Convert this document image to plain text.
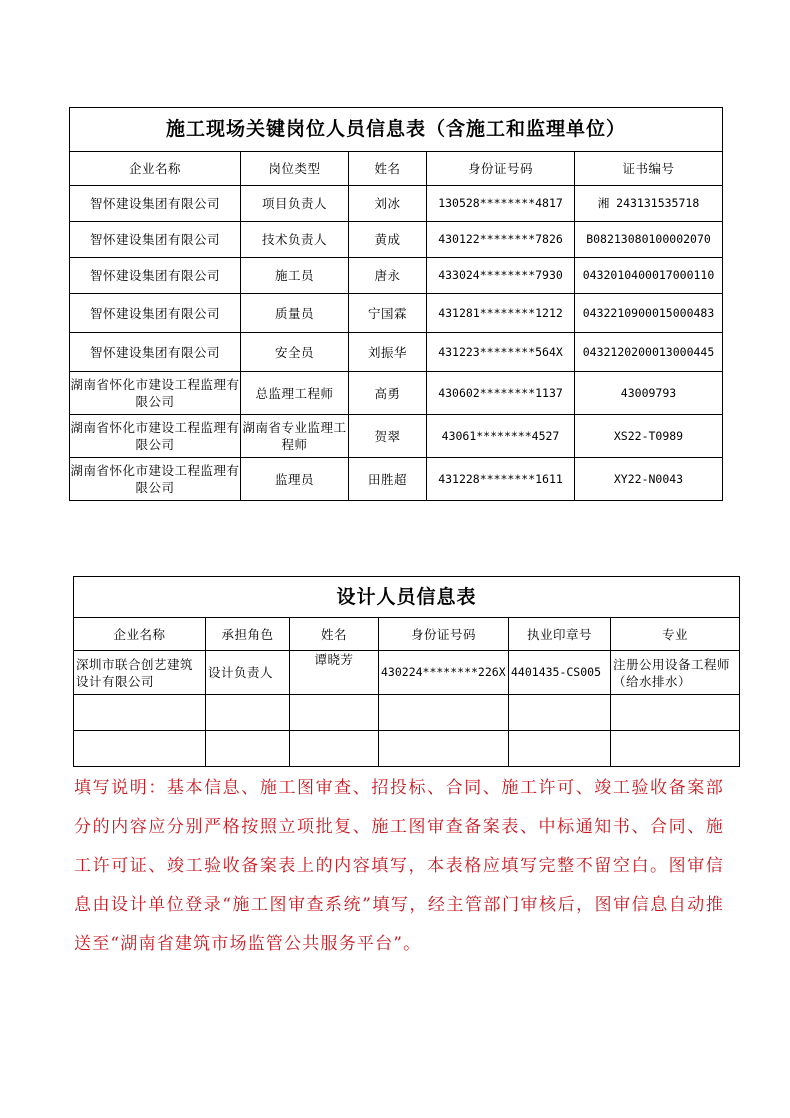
施工现场关键岗位人员信息表（含施工和监理单位）				
企业名称	岗位类型	姓名	身份证号码	证书编号
智怀建设集团有限公司	项目负责人	刘冰	130528********4817	湘 243131535718
智怀建设集团有限公司	技术负责人	黄成	430122********7826	B08213080100002070
智怀建设集团有限公司	施工员	唐永	433024********7930	0432010400017000110
智怀建设集团有限公司	质量员	宁国霖	431281********1212	0432210900015000483
智怀建设集团有限公司	安全员	刘振华	431223********564X	0432120200013000445
湖南省怀化市建设工程监理有限公司	总监理工程师	高勇	430602********1137	43009793
湖南省怀化市建设工程监理有限公司	湖南省专业监理工程师	贺翠	43061********4527	XS22-T0989
湖南省怀化市建设工程监理有限公司	监理员	田胜超	431228********1611	XY22-N0043
设计人员信息表					
企业名称	承担角色	姓名	身份证号码	执业印章号	专业
深圳市联合创艺建筑设计有限公司	设计负责人	谭晓芳	430224********226X	4401435-CS005	注册公用设备工程师（给水排水）

填写说明：基本信息、施工图审查、招投标、合同、施工许可、竣工验收备案部分的内容应分别严格按照立项批复、施工图审查备案表、中标通知书、合同、施工许可证、竣工验收备案表上的内容填写，本表格应填写完整不留空白。图审信息由设计单位登录“施工图审查系统”填写，经主管部门审核后，图审信息自动推送至“湖南省建筑市场监管公共服务平台”。
